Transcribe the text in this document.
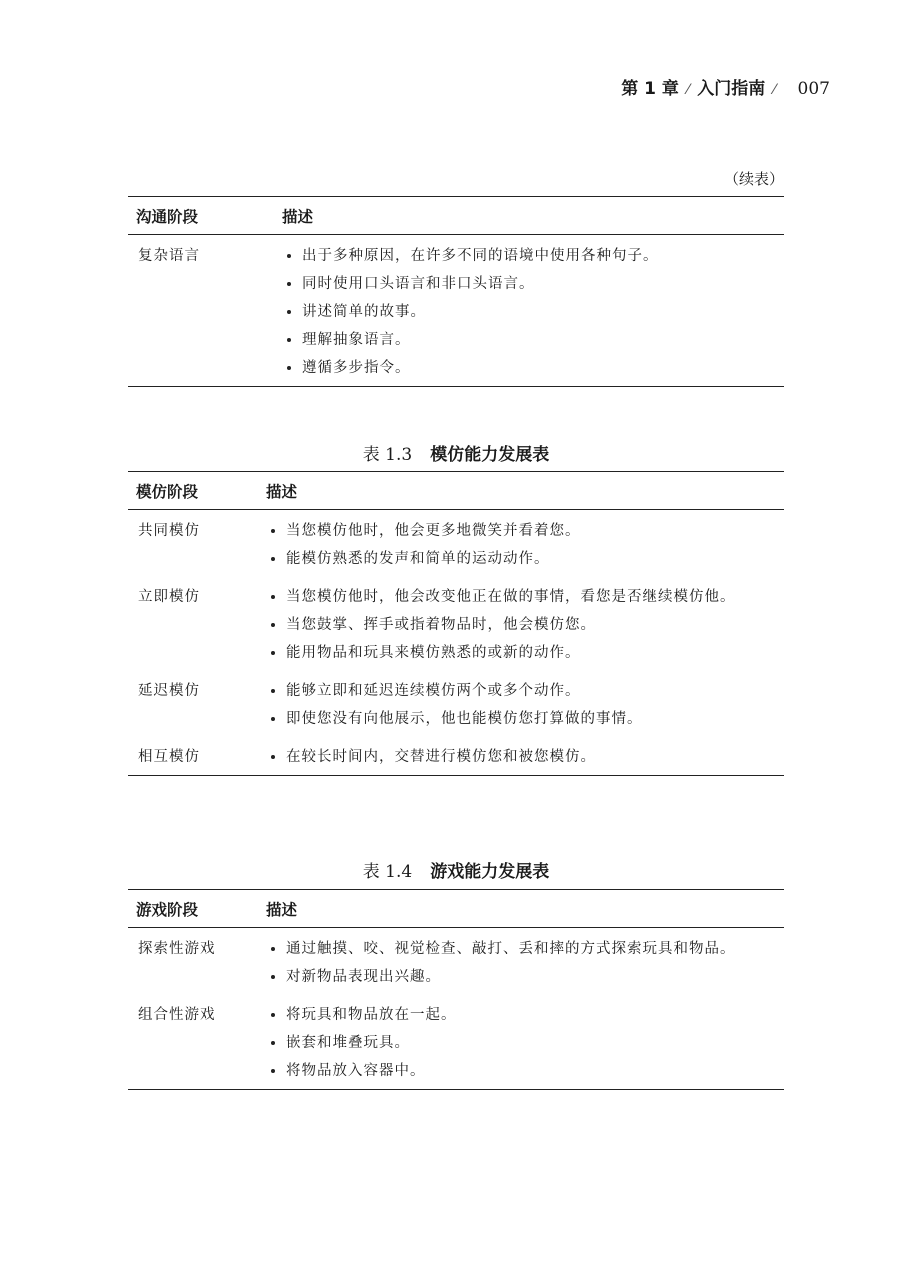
第 1 章 ⁄ 入门指南 ⁄ 007
（续表）
沟通阶段	描述
复杂语言	出于多种原因，在许多不同的语境中使用各种句子。
同时使用口头语言和非口头语言。
讲述简单的故事。
理解抽象语言。
遵循多步指令。
表 1.3 模仿能力发展表
模仿阶段	描述
共同模仿	当您模仿他时，他会更多地微笑并看着您。
能模仿熟悉的发声和简单的运动动作。
立即模仿	当您模仿他时，他会改变他正在做的事情，看您是否继续模仿他。
当您鼓掌、挥手或指着物品时，他会模仿您。
能用物品和玩具来模仿熟悉的或新的动作。
延迟模仿	能够立即和延迟连续模仿两个或多个动作。
即使您没有向他展示，他也能模仿您打算做的事情。
相互模仿	在较长时间内，交替进行模仿您和被您模仿。
表 1.4 游戏能力发展表
游戏阶段	描述
探索性游戏	通过触摸、咬、视觉检查、敲打、丢和摔的方式探索玩具和物品。
对新物品表现出兴趣。
组合性游戏	将玩具和物品放在一起。
嵌套和堆叠玩具。
将物品放入容器中。
